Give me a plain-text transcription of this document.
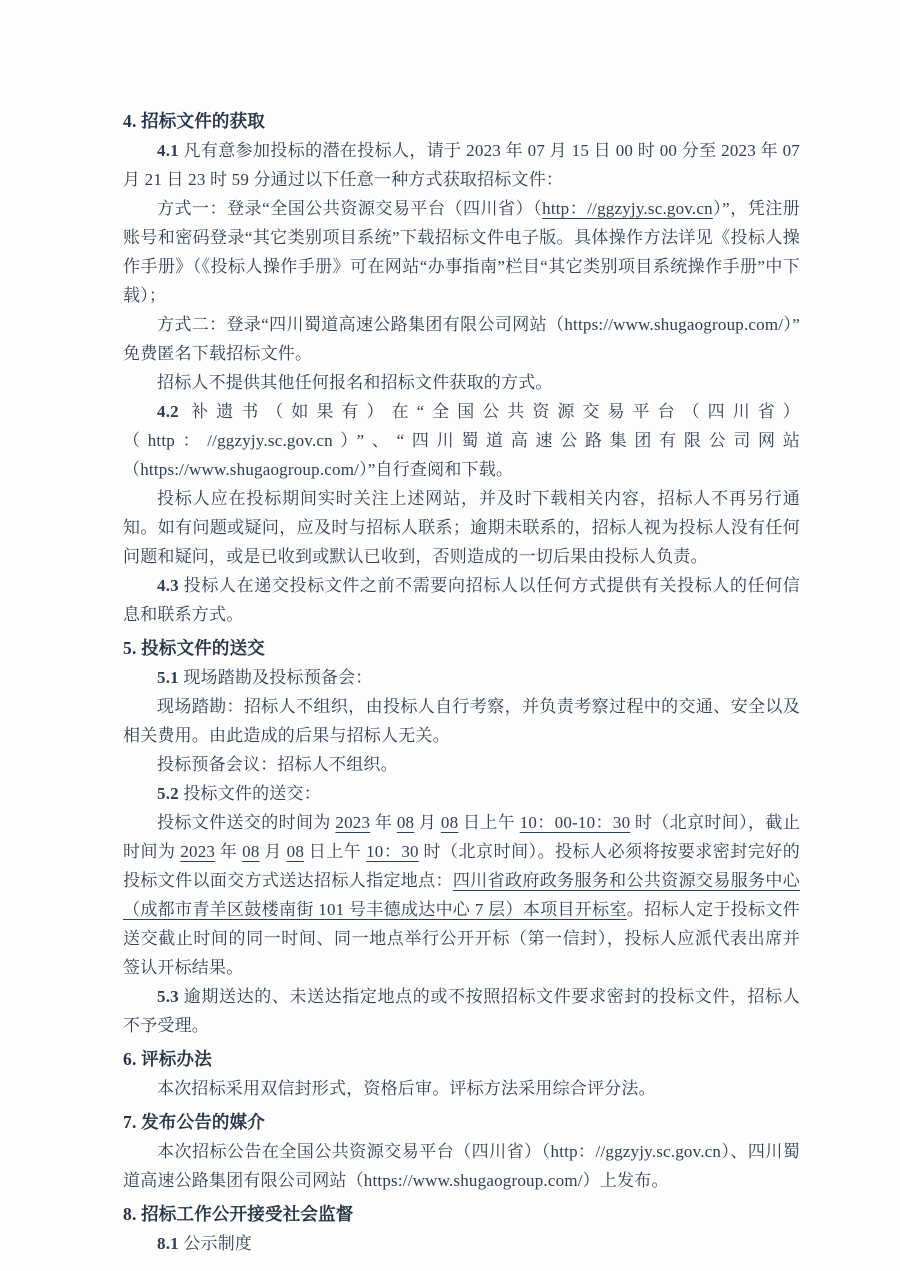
4. 招标文件的获取

4.1 凡有意参加投标的潜在投标人，请于 2023 年 07 月 15 日 00 时 00 分至 2023 年 07 月 21 日 23 时 59 分通过以下任意一种方式获取招标文件：

方式一：登录“全国公共资源交易平台（四川省）（http：//ggzyjy.sc.gov.cn）”，凭注册账号和密码登录“其它类别项目系统”下载招标文件电子版。具体操作方法详见《投标人操作手册》（《投标人操作手册》可在网站“办事指南”栏目“其它类别项目系统操作手册”中下载）；

方式二：登录“四川蜀道高速公路集团有限公司网站（https://www.shugaogroup.com/）”免费匿名下载招标文件。

招标人不提供其他任何报名和招标文件获取的方式。

4.2 补遗书（如果有）在“全国公共资源交易平台（四川省）（http：//ggzyjy.sc.gov.cn）”、“四川蜀道高速公路集团有限公司网站（https://www.shugaogroup.com/）”自行查阅和下载。

投标人应在投标期间实时关注上述网站，并及时下载相关内容，招标人不再另行通知。如有问题或疑问，应及时与招标人联系；逾期未联系的，招标人视为投标人没有任何问题和疑问，或是已收到或默认已收到，否则造成的一切后果由投标人负责。

4.3 投标人在递交投标文件之前不需要向招标人以任何方式提供有关投标人的任何信息和联系方式。

5. 投标文件的送交

5.1 现场踏勘及投标预备会：

现场踏勘：招标人不组织，由投标人自行考察，并负责考察过程中的交通、安全以及相关费用。由此造成的后果与招标人无关。

投标预备会议：招标人不组织。

5.2 投标文件的送交：

投标文件送交的时间为 2023 年 08 月 08 日上午 10：00-10：30 时（北京时间），截止时间为 2023 年 08 月 08 日上午 10：30 时（北京时间）。投标人必须将按要求密封完好的投标文件以面交方式送达招标人指定地点：四川省政府政务服务和公共资源交易服务中心（成都市青羊区鼓楼南街 101 号丰德成达中心 7 层）本项目开标室。招标人定于投标文件送交截止时间的同一时间、同一地点举行公开开标（第一信封），投标人应派代表出席并签认开标结果。

5.3 逾期送达的、未送达指定地点的或不按照招标文件要求密封的投标文件，招标人不予受理。

6. 评标办法

本次招标采用双信封形式，资格后审。评标方法采用综合评分法。

7. 发布公告的媒介

本次招标公告在全国公共资源交易平台（四川省）（http：//ggzyjy.sc.gov.cn）、四川蜀道高速公路集团有限公司网站（https://www.shugaogroup.com/）上发布。

8. 招标工作公开接受社会监督

8.1 公示制度
